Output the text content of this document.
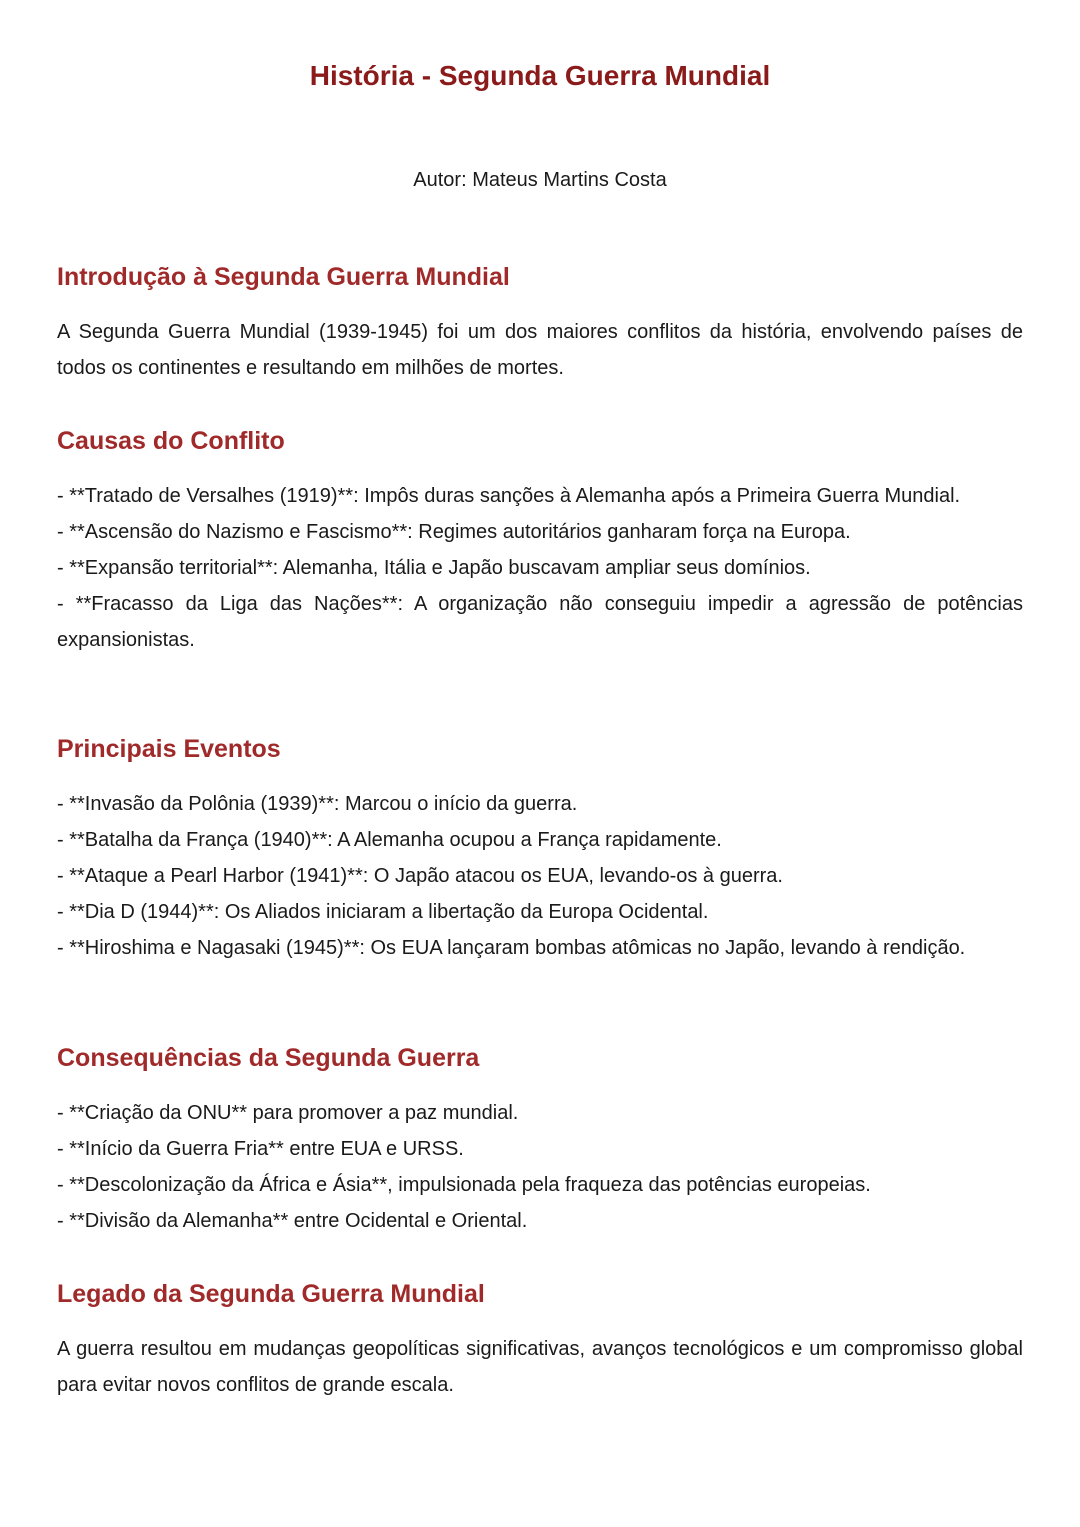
História - Segunda Guerra Mundial
Autor: Mateus Martins Costa
Introdução à Segunda Guerra Mundial

A Segunda Guerra Mundial (1939-1945) foi um dos maiores conflitos da história, envolvendo países de todos os continentes e resultando em milhões de mortes.

Causas do Conflito
- **Tratado de Versalhes (1919)**: Impôs duras sanções à Alemanha após a Primeira Guerra Mundial.
- **Ascensão do Nazismo e Fascismo**: Regimes autoritários ganharam força na Europa.
- **Expansão territorial**: Alemanha, Itália e Japão buscavam ampliar seus domínios.
- **Fracasso da Liga das Nações**: A organização não conseguiu impedir a agressão de potências expansionistas.
Principais Eventos
- **Invasão da Polônia (1939)**: Marcou o início da guerra.
- **Batalha da França (1940)**: A Alemanha ocupou a França rapidamente.
- **Ataque a Pearl Harbor (1941)**: O Japão atacou os EUA, levando-os à guerra.
- **Dia D (1944)**: Os Aliados iniciaram a libertação da Europa Ocidental.
- **Hiroshima e Nagasaki (1945)**: Os EUA lançaram bombas atômicas no Japão, levando à rendição.
Consequências da Segunda Guerra
- **Criação da ONU** para promover a paz mundial.
- **Início da Guerra Fria** entre EUA e URSS.
- **Descolonização da África e Ásia**, impulsionada pela fraqueza das potências europeias.
- **Divisão da Alemanha** entre Ocidental e Oriental.
Legado da Segunda Guerra Mundial

A guerra resultou em mudanças geopolíticas significativas, avanços tecnológicos e um compromisso global para evitar novos conflitos de grande escala.
